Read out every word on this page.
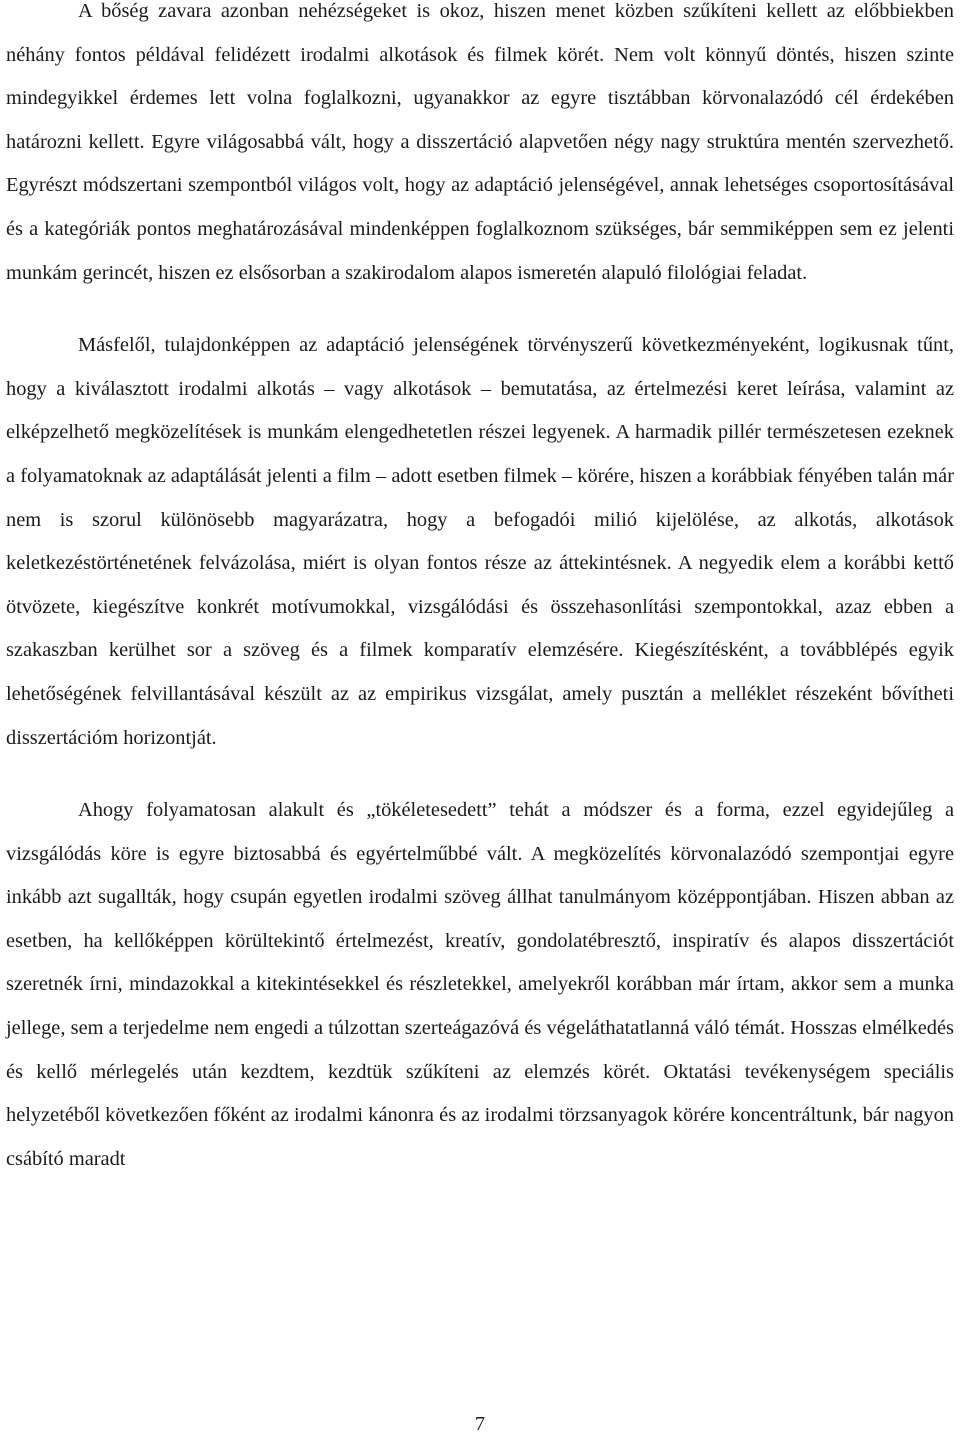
A bőség zavara azonban nehézségeket is okoz, hiszen menet közben szűkíteni kellett az előbbiekben néhány fontos példával felidézett irodalmi alkotások és filmek körét. Nem volt könnyű döntés, hiszen szinte mindegyikkel érdemes lett volna foglalkozni, ugyanakkor az egyre tisztábban körvonalazódó cél érdekében határozni kellett. Egyre világosabbá vált, hogy a disszertáció alapvetően négy nagy struktúra mentén szervezhető. Egyrészt módszertani szempontból világos volt, hogy az adaptáció jelenségével, annak lehetséges csoportosításával és a kategóriák pontos meghatározásával mindenképpen foglalkoznom szükséges, bár semmiképpen sem ez jelenti munkám gerincét, hiszen ez elsősorban a szakirodalom alapos ismeretén alapuló filológiai feladat.

Másfelől, tulajdonképpen az adaptáció jelenségének törvényszerű következményeként, logikusnak tűnt, hogy a kiválasztott irodalmi alkotás – vagy alkotások – bemutatása, az értelmezési keret leírása, valamint az elképzelhető megközelítések is munkám elengedhetetlen részei legyenek. A harmadik pillér természetesen ezeknek a folyamatoknak az adaptálását jelenti a film – adott esetben filmek – körére, hiszen a korábbiak fényében talán már nem is szorul különösebb magyarázatra, hogy a befogadói milió kijelölése, az alkotás, alkotások keletkezéstörténetének felvázolása, miért is olyan fontos része az áttekintésnek. A negyedik elem a korábbi kettő ötvözete, kiegészítve konkrét motívumokkal, vizsgálódási és összehasonlítási szempontokkal, azaz ebben a szakaszban kerülhet sor a szöveg és a filmek komparatív elemzésére. Kiegészítésként, a továbblépés egyik lehetőségének felvillantásával készült az az empirikus vizsgálat, amely pusztán a melléklet részeként bővítheti disszertációm horizontját.

Ahogy folyamatosan alakult és „tökéletesedett” tehát a módszer és a forma, ezzel egyidejűleg a vizsgálódás köre is egyre biztosabbá és egyértelműbbé vált. A megközelítés körvonalazódó szempontjai egyre inkább azt sugallták, hogy csupán egyetlen irodalmi szöveg állhat tanulmányom középpontjában. Hiszen abban az esetben, ha kellőképpen körültekintő értelmezést, kreatív, gondolatébresztő, inspiratív és alapos disszertációt szeretnék írni, mindazokkal a kitekintésekkel és részletekkel, amelyekről korábban már írtam, akkor sem a munka jellege, sem a terjedelme nem engedi a túlzottan szerteágazóvá és végeláthatatlanná váló témát. Hosszas elmélkedés és kellő mérlegelés után kezdtem, kezdtük szűkíteni az elemzés körét. Oktatási tevékenységem speciális helyzetéből következően főként az irodalmi kánonra és az irodalmi törzsanyagok körére koncentráltunk, bár nagyon csábító maradt

7
